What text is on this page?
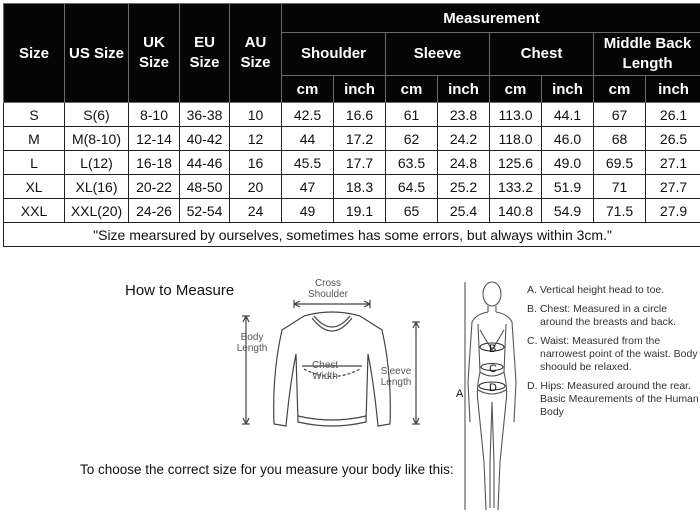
Size	US Size	UK Size	EU Size	AU Size	Measurement							
					Shoulder		Sleeve		Chest		Middle Back Length	
					cm	inch	cm	inch	cm	inch	cm	inch
S	S(6)	8-10	36-38	10	42.5	16.6	61	23.8	113.0	44.1	67	26.1
M	M(8-10)	12-14	40-42	12	44	17.2	62	24.2	118.0	46.0	68	26.5
L	L(12)	16-18	44-46	16	45.5	17.7	63.5	24.8	125.6	49.0	69.5	27.1
XL	XL(16)	20-22	48-50	20	47	18.3	64.5	25.2	133.2	51.9	71	27.7
XXL	XXL(20)	24-26	52-54	24	49	19.1	65	25.4	140.8	54.9	71.5	27.9
"Size mearsured by ourselves, sometimes has some errors, but always within 3cm."												
How to Measure	Cross Shoulder
Body Length
Chest Width	Sleeve Length
B
C
D
A

A. Vertical height head to toe.

B. Chest: Measured in a circle around the breasts and back.

C. Waist: Measured from the narrowest point of the waist. Body shoould be relaxed.

D. Hips: Measured around the rear. Basic Meaurements of the Human Body

To choose the correct size for you measure your body like this:
